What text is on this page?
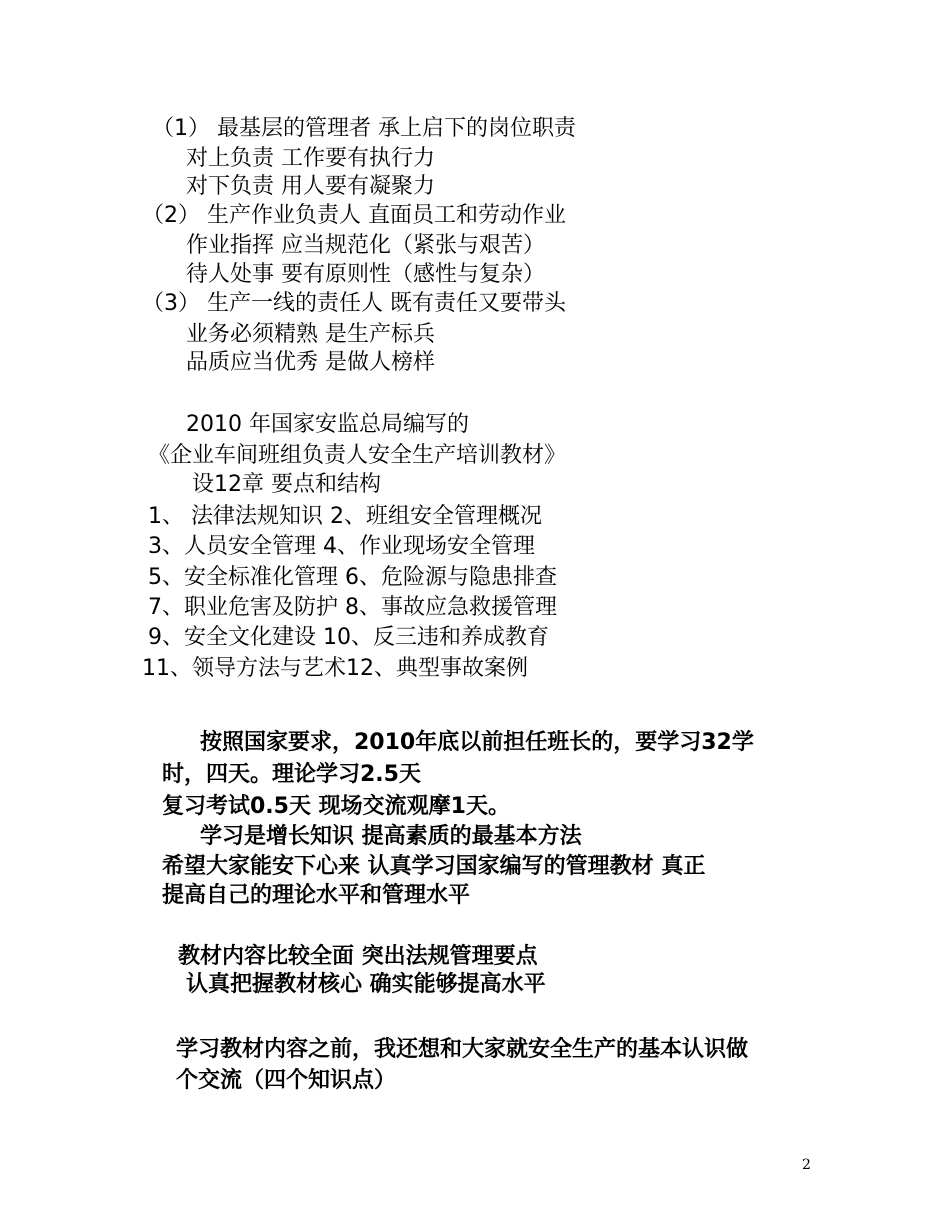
（1） 最基层的管理者 承上启下的岗位职责
对上负责 工作要有执行力
对下负责 用人要有凝聚力
（2） 生产作业负责人 直面员工和劳动作业
作业指挥 应当规范化（紧张与艰苦）
待人处事 要有原则性（感性与复杂）
（3） 生产一线的责任人 既有责任又要带头
业务必须精熟 是生产标兵
品质应当优秀 是做人榜样
2010 年国家安监总局编写的
《企业车间班组负责人安全生产培训教材》
设12章 要点和结构
1、 法律法规知识 2、班组安全管理概况
3、人员安全管理 4、作业现场安全管理
5、安全标准化管理 6、危险源与隐患排查
7、职业危害及防护 8、事故应急救援管理
9、安全文化建设 10、反三违和养成教育
11、领导方法与艺术12、典型事故案例
按照国家要求，2010年底以前担任班长的，要学习32学
时，四天。理论学习2.5天
复习考试0.5天 现场交流观摩1天。
学习是增长知识 提高素质的最基本方法
希望大家能安下心来 认真学习国家编写的管理教材 真正
提高自己的理论水平和管理水平
教材内容比较全面 突出法规管理要点
认真把握教材核心 确实能够提高水平
学习教材内容之前，我还想和大家就安全生产的基本认识做
个交流（四个知识点）
2
